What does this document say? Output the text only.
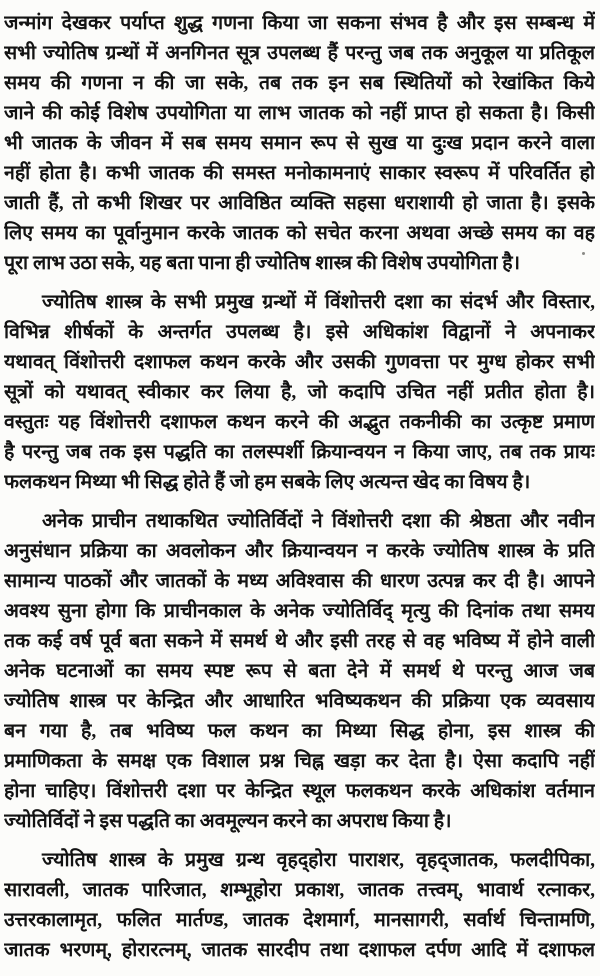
जन्मांग देखकर पर्याप्त शुद्ध गणना किया जा सकना संभव है और इस सम्बन्ध में
सभी ज्योतिष ग्रन्थों में अनगिनत सूत्र उपलब्ध हैं परन्तु जब तक अनुकूल या प्रतिकूल
समय की गणना न की जा सके, तब तक इन सब स्थितियों को रेखांकित किये
जाने की कोई विशेष उपयोगिता या लाभ जातक को नहीं प्राप्त हो सकता है। किसी
भी जातक के जीवन में सब समय समान रूप से सुख या दुःख प्रदान करने वाला
नहीं होता है। कभी जातक की समस्त मनोकामनाएं साकार स्वरूप में परिवर्तित हो
जाती हैं, तो कभी शिखर पर आविष्ठित व्यक्ति सहसा धराशायी हो जाता है। इसके
लिए समय का पूर्वानुमान करके जातक को सचेत करना अथवा अच्छे समय का वह
पूरा लाभ उठा सके, यह बता पाना ही ज्योतिष शास्त्र की विशेष उपयोगिता है।
ज्योतिष शास्त्र के सभी प्रमुख ग्रन्थों में विंशोत्तरी दशा का संदर्भ और विस्तार,
विभिन्न शीर्षकों के अन्तर्गत उपलब्ध है। इसे अधिकांश विद्वानों ने अपनाकर
यथावत् विंशोत्तरी दशाफल कथन करके और उसकी गुणवत्ता पर मुग्ध होकर सभी
सूत्रों को यथावत् स्वीकार कर लिया है, जो कदापि उचित नहीं प्रतीत होता है।
वस्तुतः यह विंशोत्तरी दशाफल कथन करने की अद्भुत तकनीकी का उत्कृष्ट प्रमाण
है परन्तु जब तक इस पद्धति का तलस्पर्शी क्रियान्वयन न किया जाए, तब तक प्रायः
फलकथन मिथ्या भी सिद्ध होते हैं जो हम सबके लिए अत्यन्त खेद का विषय है।
अनेक प्राचीन तथाकथित ज्योतिर्विदों ने विंशोत्तरी दशा की श्रेष्ठता और नवीन
अनुसंधान प्रक्रिया का अवलोकन और क्रियान्वयन न करके ज्योतिष शास्त्र के प्रति
सामान्य पाठकों और जातकों के मध्य अविश्वास की धारण उत्पन्न कर दी है। आपने
अवश्य सुना होगा कि प्राचीनकाल के अनेक ज्योतिर्विद् मृत्यु की दिनांक तथा समय
तक कई वर्ष पूर्व बता सकने में समर्थ थे और इसी तरह से वह भविष्य में होने वाली
अनेक घटनाओं का समय स्पष्ट रूप से बता देने में समर्थ थे परन्तु आज जब
ज्योतिष शास्त्र पर केन्द्रित और आधारित भविष्यकथन की प्रक्रिया एक व्यवसाय
बन गया है, तब भविष्य फल कथन का मिथ्या सिद्ध होना, इस शास्त्र की
प्रमाणिकता के समक्ष एक विशाल प्रश्न चिह्न खड़ा कर देता है। ऐसा कदापि नहीं
होना चाहिए। विंशोत्तरी दशा पर केन्द्रित स्थूल फलकथन करके अधिकांश वर्तमान
ज्योतिर्विदों ने इस पद्धति का अवमूल्यन करने का अपराध किया है।
ज्योतिष शास्त्र के प्रमुख ग्रन्थ वृहद्होरा पाराशर, वृहद्जातक, फलदीपिका,
सारावली, जातक पारिजात, शम्भूहोरा प्रकाश, जातक तत्त्वम्, भावार्थ रत्नाकर,
उत्तरकालामृत, फलित मार्तण्ड, जातक देशमार्ग, मानसागरी, सर्वार्थ चिन्तामणि,
जातक भरणम्, होरारत्नम्, जातक सारदीप तथा दशाफल दर्पण आदि में दशाफल
